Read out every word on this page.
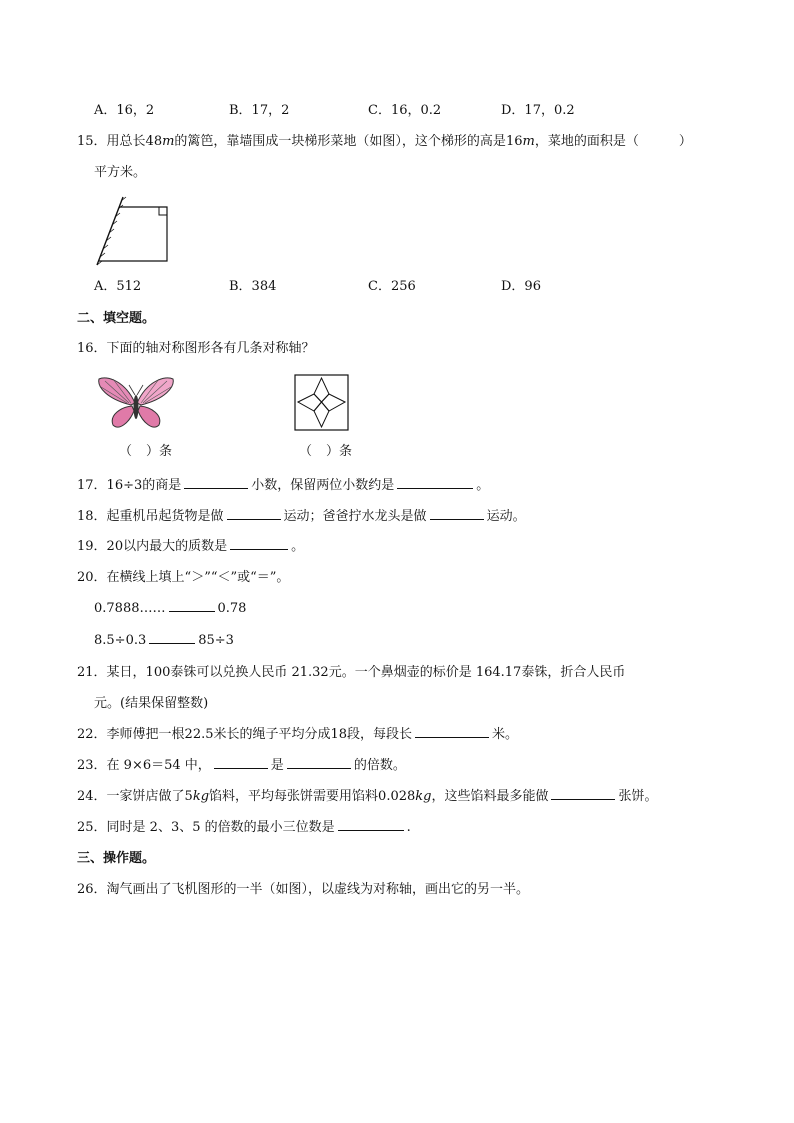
A．16，2	B．17，2	C．16，0.2	D．17，0.2
15．用总长48m的篱笆，靠墙围成一块梯形菜地（如图），这个梯形的高是16m，菜地的面积是（	）
平方米。
A．512	B．384	C．256	D．96
二、填空题。
16．下面的轴对称图形各有几条对称轴？
（ ）条	（ ）条
17．16÷3的商是	小数，保留两位小数约是	。
18．起重机吊起货物是做	运动；爸爸拧水龙头是做	运动。
19．20以内最大的质数是	。
20．在横线上填上“＞”“＜”或“＝”。
0.7888……	0.78
8.5÷0.3	85÷3
21．某日，100泰铢可以兑换人民币 21.32元。一个鼻烟壶的标价是 164.17泰铢，折合人民币
元。(结果保留整数)
22．李师傅把一根22.5米长的绳子平均分成18段，每段长	米。
23．在 9×6＝54 中，	是	的倍数。
24．一家饼店做了5kg馅料，平均每张饼需要用馅料0.028kg，这些馅料最多能做	张饼。
25．同时是 2、3、5 的倍数的最小三位数是	.
三、操作题。
26．淘气画出了飞机图形的一半（如图），以虚线为对称轴，画出它的另一半。
